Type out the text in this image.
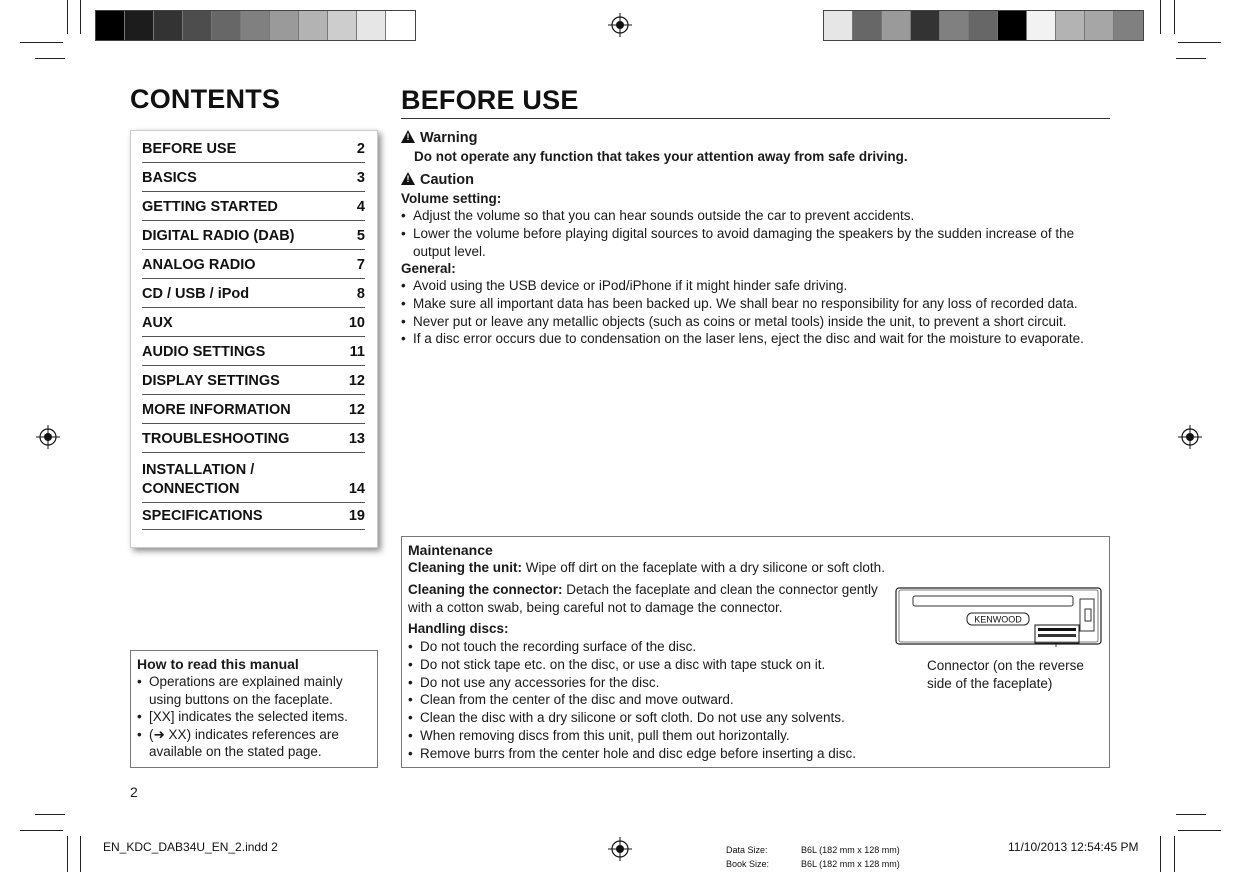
CONTENTS
BEFORE USE	2
BASICS	3
GETTING STARTED	4
DIGITAL RADIO (DAB)	5
ANALOG RADIO	7
CD / USB / iPod	8
AUX	10
AUDIO SETTINGS	11
DISPLAY SETTINGS	12
MORE INFORMATION	12
TROUBLESHOOTING	13
INSTALLATION /
CONNECTION	14
SPECIFICATIONS	19
How to read this manual
• Operations are explained mainly using buttons on the faceplate.
• [XX] indicates the selected items.
• (➜ XX) indicates references are available on the stated page.
2
BEFORE USE
! Warning
Do not operate any function that takes your attention away from safe driving.
! Caution
Volume setting:
• Adjust the volume so that you can hear sounds outside the car to prevent accidents.
• Lower the volume before playing digital sources to avoid damaging the speakers by the sudden increase of the output level.
General:
• Avoid using the USB device or iPod/iPhone if it might hinder safe driving.
• Make sure all important data has been backed up. We shall bear no responsibility for any loss of recorded data.
• Never put or leave any metallic objects (such as coins or metal tools) inside the unit, to prevent a short circuit.
• If a disc error occurs due to condensation on the laser lens, eject the disc and wait for the moisture to evaporate.
Maintenance
Cleaning the unit: Wipe off dirt on the faceplate with a dry silicone or soft cloth.
Cleaning the connector: Detach the faceplate and clean the connector gently with a cotton swab, being careful not to damage the connector.
Handling discs:
• Do not touch the recording surface of the disc.
• Do not stick tape etc. on the disc, or use a disc with tape stuck on it.
• Do not use any accessories for the disc.
• Clean from the center of the disc and move outward.
• Clean the disc with a dry silicone or soft cloth. Do not use any solvents.
• When removing discs from this unit, pull them out horizontally.
• Remove burrs from the center hole and disc edge before inserting a disc.
Connector (on the reverse side of the faceplate)
KENWOOD
EN_KDC_DAB34U_EN_2.indd 2	Data Size:	B6L (182 mm x 128 mm)
Book Size:	B6L (182 mm x 128 mm)
11/10/2013 12:54:45 PM
